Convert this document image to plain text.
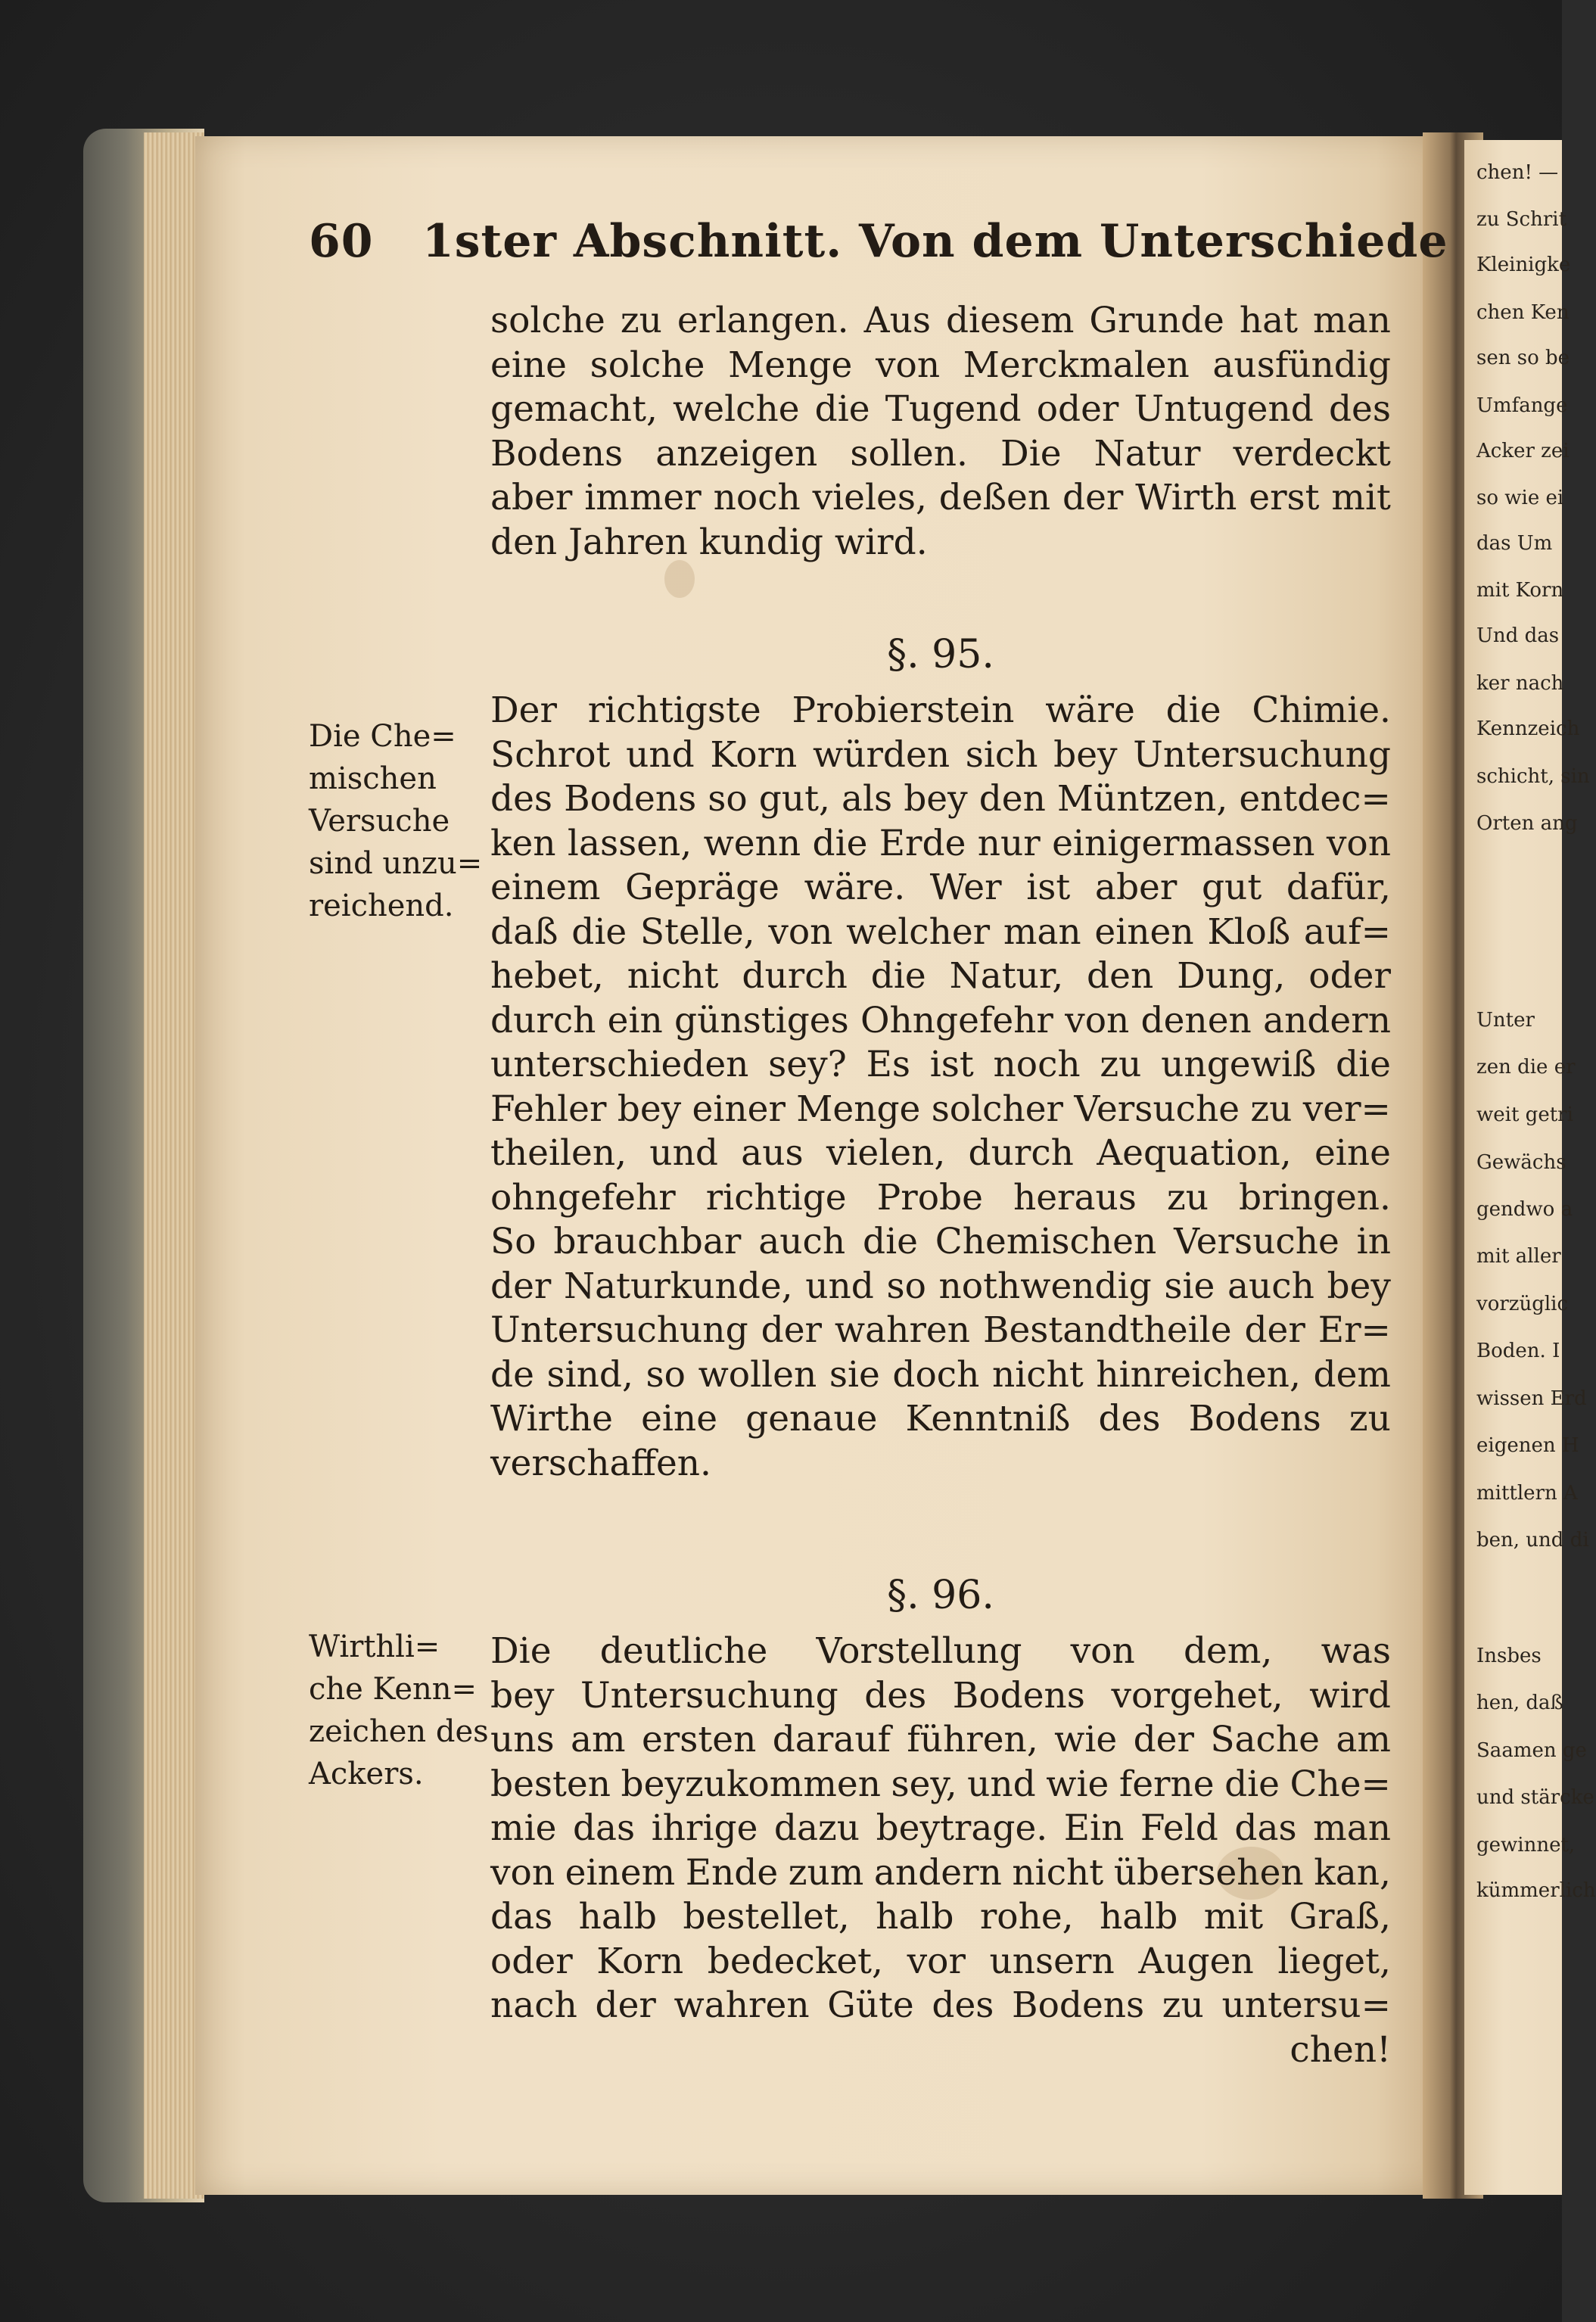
chen! —
zu Schrit
Kleinigke
chen Ken
sen so be
Umfange
Acker zei
so wie ei
das Um
mit Korn
Und das
ker nach
Kennzeich
schicht, sin
Orten ang
Unter
zen die er
weit getri
Gewächs
gendwo a
mit aller
vorzüglic
Boden. I
wissen Erd
eigenen H
mittlern A
ben, und di
Insbes
hen, daß
Saamen ge
und stärcke
gewinnet,
kümmerlich
60 1ster Abschnitt. Von dem Unterschiede
solche zu erlangen. Aus diesem Grunde hat man
eine solche Menge von Merckmalen ausfündig
gemacht, welche die Tugend oder Untugend des
Bodens anzeigen sollen. Die Natur verdeckt
aber immer noch vieles, deßen der Wirth erst mit
den Jahren kundig wird.
§. 95.
Die Che=
mischen
Versuche
sind unzu=
reichend.
Der richtigste Probierstein wäre die Chimie.
Schrot und Korn würden sich bey Untersuchung
des Bodens so gut, als bey den Müntzen, entdec=
ken lassen, wenn die Erde nur einigermassen von
einem Gepräge wäre. Wer ist aber gut dafür,
daß die Stelle, von welcher man einen Kloß auf=
hebet, nicht durch die Natur, den Dung, oder
durch ein günstiges Ohngefehr von denen andern
unterschieden sey? Es ist noch zu ungewiß die
Fehler bey einer Menge solcher Versuche zu ver=
theilen, und aus vielen, durch Aequation, eine
ohngefehr richtige Probe heraus zu bringen.
So brauchbar auch die Chemischen Versuche in
der Naturkunde, und so nothwendig sie auch bey
Untersuchung der wahren Bestandtheile der Er=
de sind, so wollen sie doch nicht hinreichen, dem
Wirthe eine genaue Kenntniß des Bodens zu
verschaffen.
§. 96.
Wirthli=
che Kenn=
zeichen des
Ackers.
Die deutliche Vorstellung von dem, was
bey Untersuchung des Bodens vorgehet, wird
uns am ersten darauf führen, wie der Sache am
besten beyzukommen sey, und wie ferne die Che=
mie das ihrige dazu beytrage. Ein Feld das man
von einem Ende zum andern nicht übersehen kan,
das halb bestellet, halb rohe, halb mit Graß,
oder Korn bedecket, vor unsern Augen lieget,
nach der wahren Güte des Bodens zu untersu=
chen!
